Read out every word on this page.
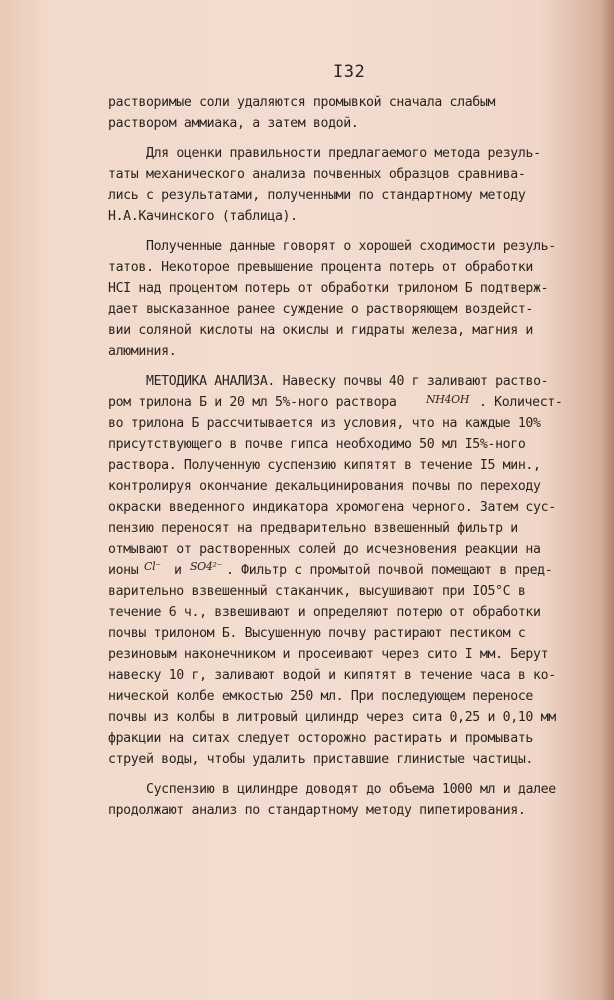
I32
растворимые соли удаляются промывкой сначала слабым
раствором аммиака, а затем водой.
Для оценки правильности предлагаемого метода резуль-
таты механического анализа почвенных образцов сравнива-
лись с результатами, полученными по стандартному методу
Н.А.Качинского (таблица).
Полученные данные говорят о хорошей сходимости резуль-
татов. Некоторое превышение процента потерь от обработки
НСI над процентом потерь от обработки трилоном Б подтверж-
дает высказанное ранее суждение о растворяющем воздейст-
вии соляной кислоты на окислы и гидраты железа, магния и
алюминия.
МЕТОДИКА АНАЛИЗА. Навеску почвы 40 г заливают раство-
ром трилона Б и 20 мл 5%-ного раствора	NH4OH . Количест-
во трилона Б рассчитывается из условия, что на каждые 10%
присутствующего в почве гипса необходимо 50 мл I5%-ного
раствора. Полученную суспензию кипятят в течение I5 мин.,
контролируя окончание декальцинирования почвы по переходу
окраски введенного индикатора хромогена черного. Затем сус-
пензию переносят на предварительно взвешенный фильтр и
отмывают от растворенных солей до исчезновения реакции на
ионы Cl⁻ и SO4²⁻ . Фильтр с промытой почвой помещают в пред-
варительно взвешенный стаканчик, высушивают при IO5°C в
течение 6 ч., взвешивают и определяют потерю от обработки
почвы трилоном Б. Высушенную почву растирают пестиком с
резиновым наконечником и просеивают через сито I мм. Берут
навеску 10 г, заливают водой и кипятят в течение часа в ко-
нической колбе емкостью 250 мл. При последующем переносе
почвы из колбы в литровый цилиндр через сита 0,25 и 0,10 мм
фракции на ситах следует осторожно растирать и промывать
струей воды, чтобы удалить приставшие глинистые частицы.
Суспензию в цилиндре доводят до объема 1000 мл и далее
продолжают анализ по стандартному методу пипетирования.
